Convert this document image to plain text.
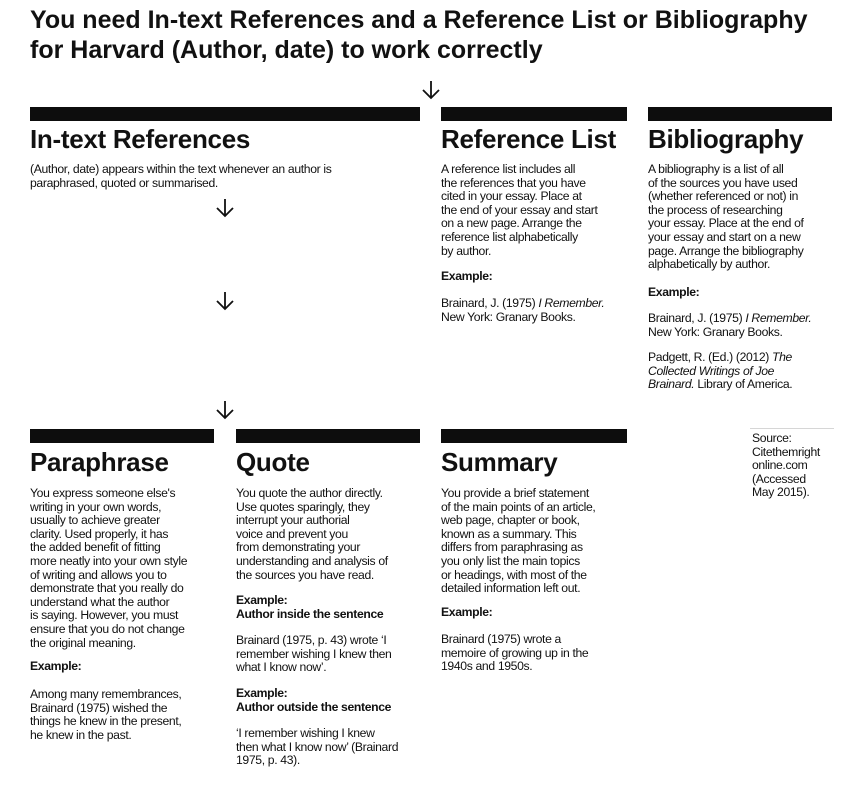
You need In-text References and a Reference List or Bibliography
for Harvard (Author, date) to work correctly
In-text References
(Author, date) appears within the text whenever an author is
paraphrased, quoted or summarised.
Reference List
A reference list includes all
the references that you have
cited in your essay. Place at
the end of your essay and start
on a new page. Arrange the
reference list alphabetically
by author.
Example:
Brainard, J. (1975) I Remember.
New York: Granary Books.
Bibliography
A bibliography is a list of all
of the sources you have used
(whether referenced or not) in
the process of researching
your essay. Place at the end of
your essay and start on a new
page. Arrange the bibliography
alphabetically by author.
Example:
Brainard, J. (1975) I Remember.
New York: Granary Books.
Padgett, R. (Ed.) (2012) The
Collected Writings of Joe
Brainard. Library of America.
Source:
Citethemright
online.com
(Accessed
May 2015).
Paraphrase
You express someone else's
writing in your own words,
usually to achieve greater
clarity. Used properly, it has
the added benefit of fitting
more neatly into your own style
of writing and allows you to
demonstrate that you really do
understand what the author
is saying. However, you must
ensure that you do not change
the original meaning.
Example:
Among many remembrances,
Brainard (1975) wished the
things he knew in the present,
he knew in the past.
Quote
You quote the author directly.
Use quotes sparingly, they
interrupt your authorial
voice and prevent you
from demonstrating your
understanding and analysis of
the sources you have read.
Example:
Author inside the sentence
Brainard (1975, p. 43) wrote ‘I
remember wishing I knew then
what I know now’.
Example:
Author outside the sentence
‘I remember wishing I knew
then what I know now’ (Brainard
1975, p. 43).
Summary
You provide a brief statement
of the main points of an article,
web page, chapter or book,
known as a summary. This
differs from paraphrasing as
you only list the main topics
or headings, with most of the
detailed information left out.
Example:
Brainard (1975) wrote a
memoire of growing up in the
1940s and 1950s.
